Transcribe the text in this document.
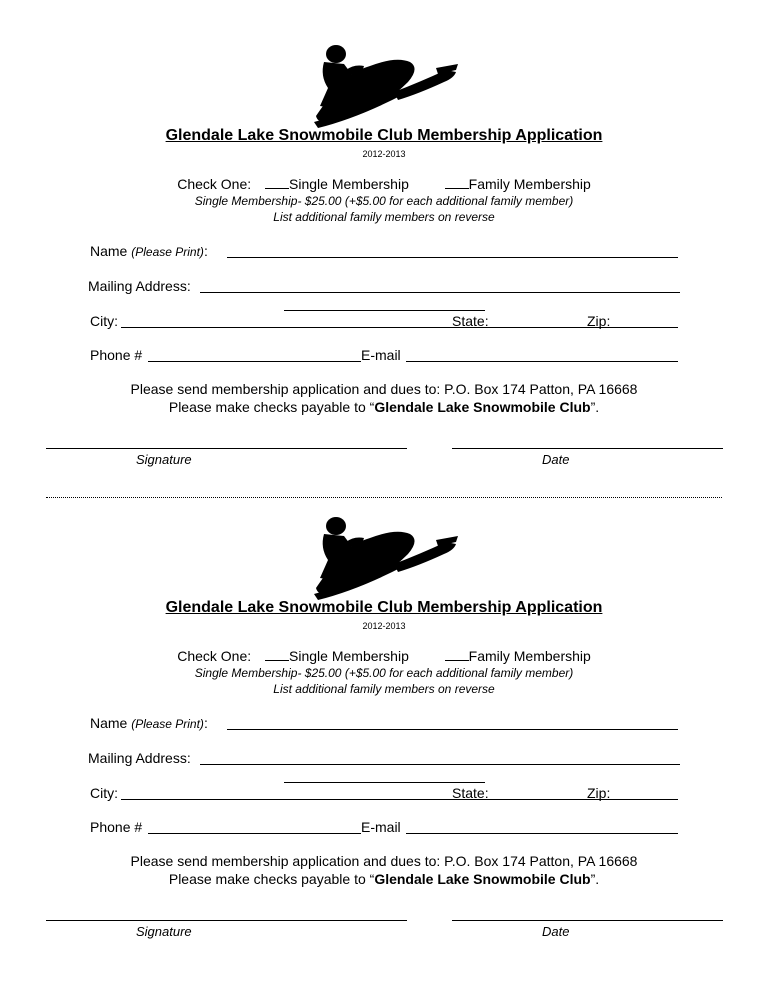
Glendale Lake Snowmobile Club Membership Application
2012-2013
Check One:	Single Membership	Family Membership
Single Membership- $25.00 (+$5.00 for each additional family member)
List additional family members on reverse
Name (Please Print):
Mailing Address:
City:	State:	Zip:
Phone #	E-mail
Please send membership application and dues to: P.O. Box 174 Patton, PA 16668
Please make checks payable to “Glendale Lake Snowmobile Club”.
Signature	Date
Glendale Lake Snowmobile Club Membership Application
2012-2013
Check One:	Single Membership	Family Membership
Single Membership- $25.00 (+$5.00 for each additional family member)
List additional family members on reverse
Name (Please Print):
Mailing Address:
City:	State:	Zip:
Phone #	E-mail
Please send membership application and dues to: P.O. Box 174 Patton, PA 16668
Please make checks payable to “Glendale Lake Snowmobile Club”.
Signature	Date
